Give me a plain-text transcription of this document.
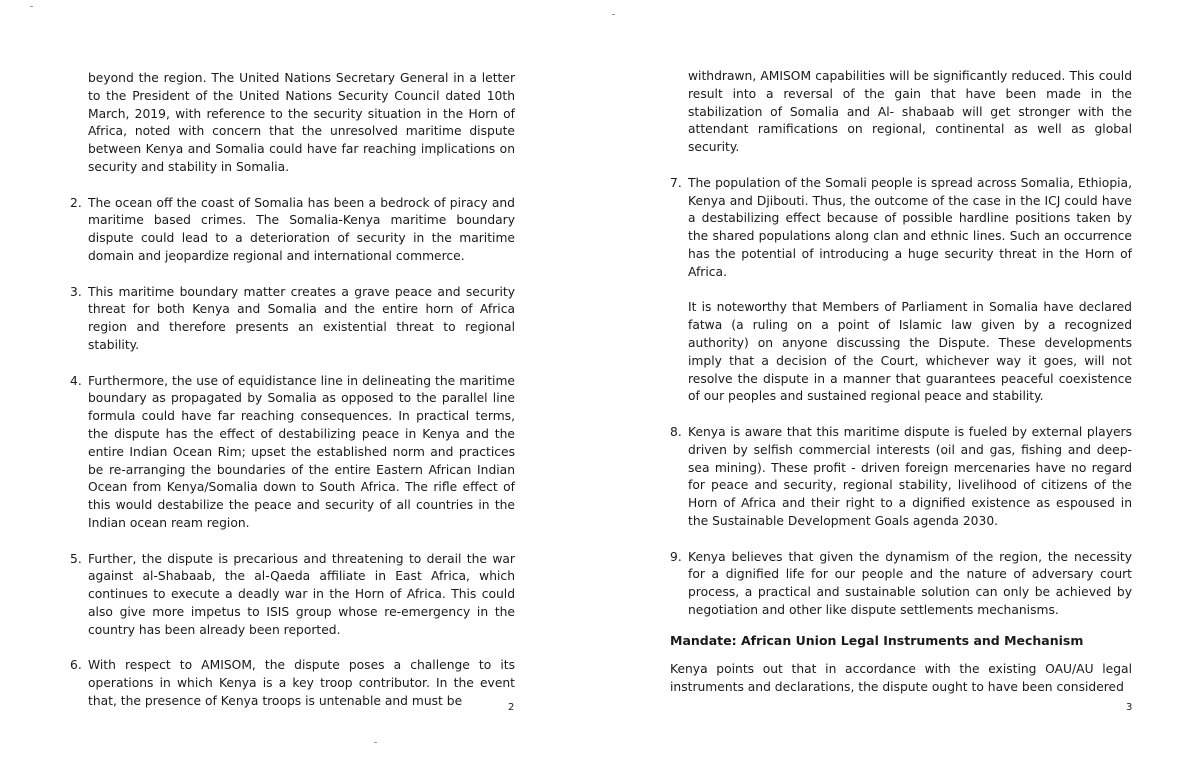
beyond the region. The United Nations Secretary General in a letter to the President of the United Nations Security Council dated 10th March, 2019, with reference to the security situation in the Horn of Africa, noted with concern that the unresolved maritime dispute between Kenya and Somalia could have far reaching implications on security and stability in Somalia.

2. The ocean off the coast of Somalia has been a bedrock of piracy and maritime based crimes. The Somalia-Kenya maritime boundary dispute could lead to a deterioration of security in the maritime domain and jeopardize regional and international commerce.
3. This maritime boundary matter creates a grave peace and security threat for both Kenya and Somalia and the entire horn of Africa region and therefore presents an existential threat to regional stability.
4. Furthermore, the use of equidistance line in delineating the maritime boundary as propagated by Somalia as opposed to the parallel line formula could have far reaching consequences. In practical terms, the dispute has the effect of destabilizing peace in Kenya and the entire Indian Ocean Rim; upset the established norm and practices be re-arranging the boundaries of the entire Eastern African Indian Ocean from Kenya/Somalia down to South Africa. The rifle effect of this would destabilize the peace and security of all countries in the Indian ocean ream region.
5. Further, the dispute is precarious and threatening to derail the war against al-Shabaab, the al-Qaeda affiliate in East Africa, which continues to execute a deadly war in the Horn of Africa. This could also give more impetus to ISIS group whose re-emergency in the country has been already been reported.
6. With respect to AMISOM, the dispute poses a challenge to its operations in which Kenya is a key troop contributor. In the event that, the presence of Kenya troops is untenable and must be	2

withdrawn, AMISOM capabilities will be significantly reduced. This could result into a reversal of the gain that have been made in the stabilization of Somalia and Al- shabaab will get stronger with the attendant ramifications on regional, continental as well as global security.

7. The population of the Somali people is spread across Somalia, Ethiopia, Kenya and Djibouti. Thus, the outcome of the case in the ICJ could have a destabilizing effect because of possible hardline positions taken by the shared populations along clan and ethnic lines. Such an occurrence has the potential of introducing a huge security threat in the Horn of Africa.

It is noteworthy that Members of Parliament in Somalia have declared fatwa (a ruling on a point of Islamic law given by a recognized authority) on anyone discussing the Dispute. These developments imply that a decision of the Court, whichever way it goes, will not resolve the dispute in a manner that guarantees peaceful coexistence of our peoples and sustained regional peace and stability.

8. Kenya is aware that this maritime dispute is fueled by external players driven by selfish commercial interests (oil and gas, fishing and deep-sea mining). These profit - driven foreign mercenaries have no regard for peace and security, regional stability, livelihood of citizens of the Horn of Africa and their right to a dignified existence as espoused in the Sustainable Development Goals agenda 2030.
9. Kenya believes that given the dynamism of the region, the necessity for a dignified life for our people and the nature of adversary court process, a practical and sustainable solution can only be achieved by negotiation and other like dispute settlements mechanisms.
Mandate: African Union Legal Instruments and Mechanism

Kenya points out that in accordance with the existing OAU/AU legal instruments and declarations, the dispute ought to have been considered

3
